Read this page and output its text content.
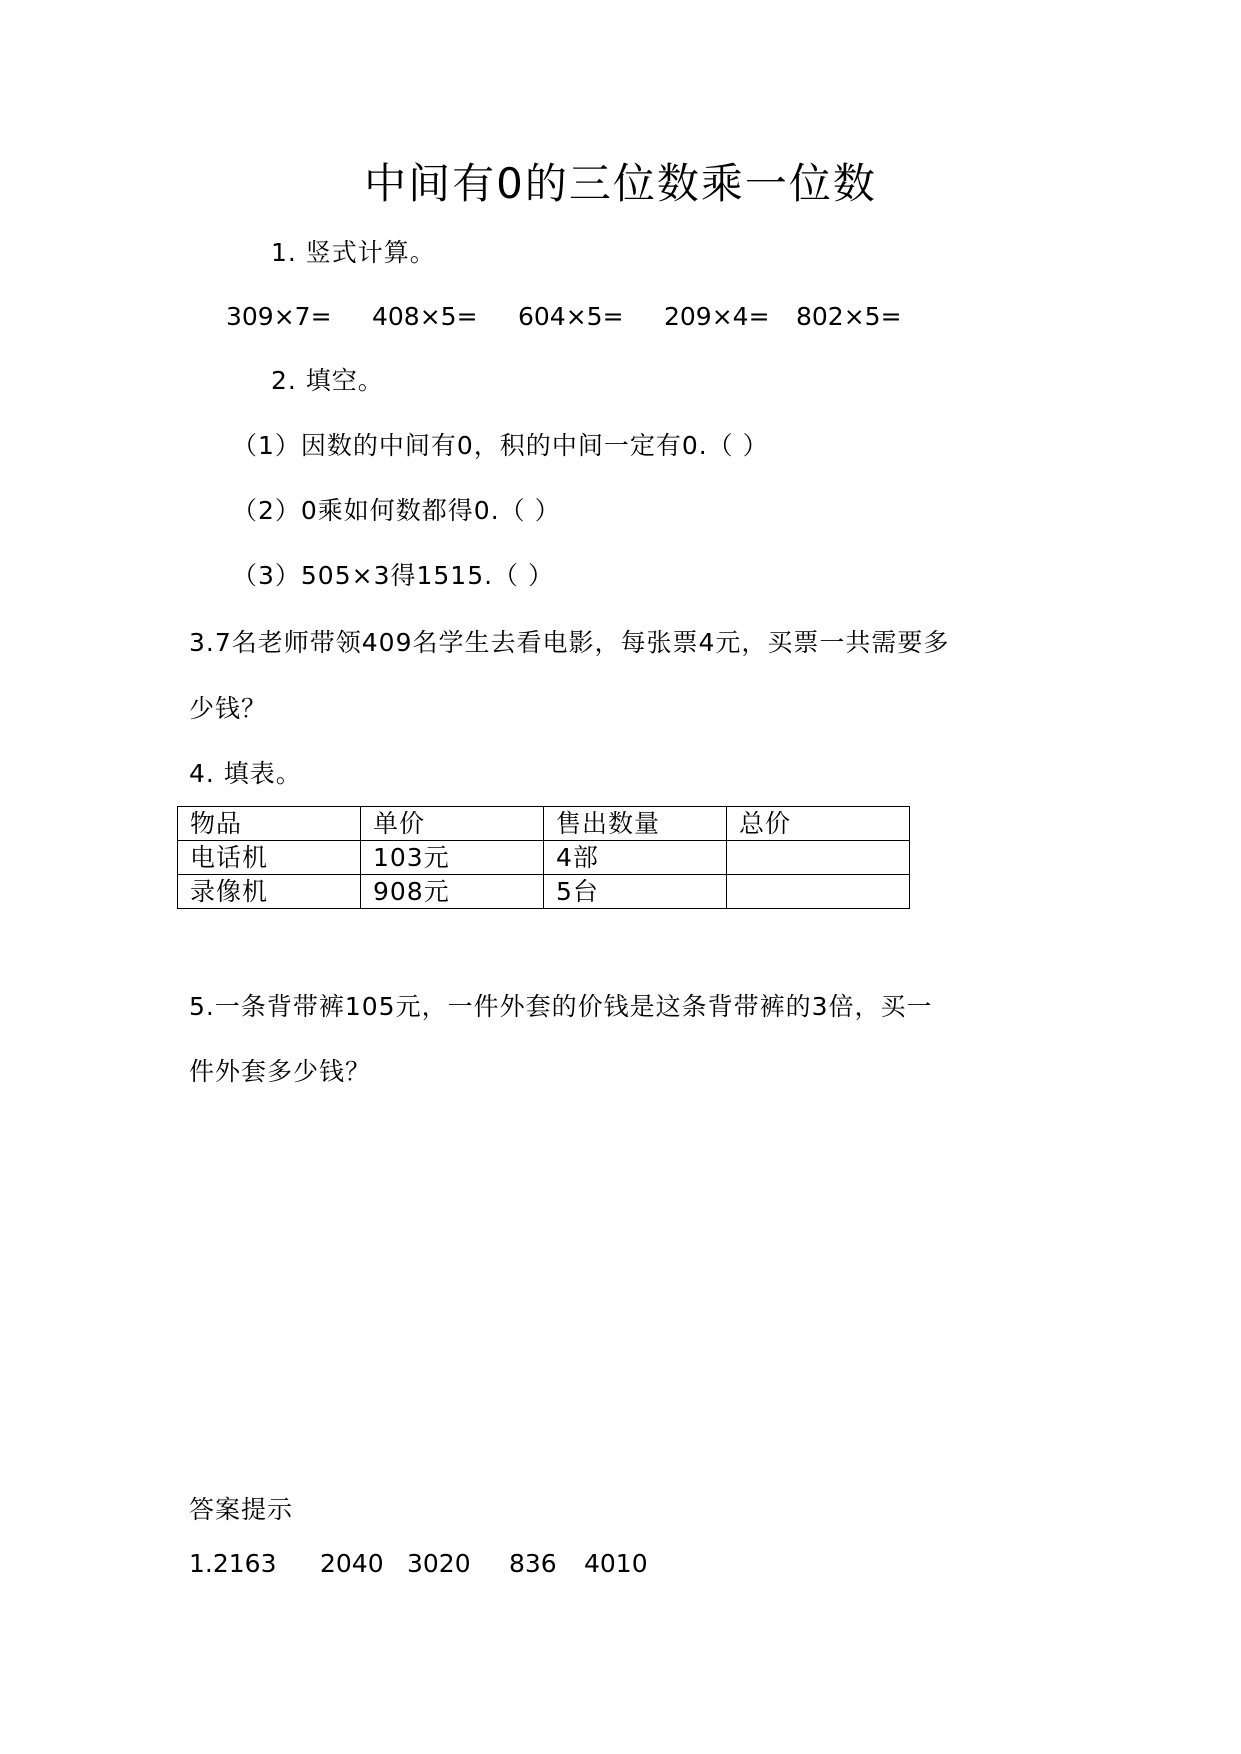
中间有0的三位数乘一位数
1. 竖式计算。
309×7= 408×5= 604×5= 209×4= 802×5=
2. 填空。
（1）因数的中间有0，积的中间一定有0.（ ）
（2）0乘如何数都得0.（ ）
（3）505×3得1515.（ ）
3.7名老师带领409名学生去看电影，每张票4元，买票一共需要多
少钱？
4. 填表。
物品	单价	售出数量	总价
电话机	103元	4部	
录像机	908元	5台	
5.一条背带裤105元，一件外套的价钱是这条背带裤的3倍，买一
件外套多少钱？
答案提示
1.2163 2040 3020 836 4010
